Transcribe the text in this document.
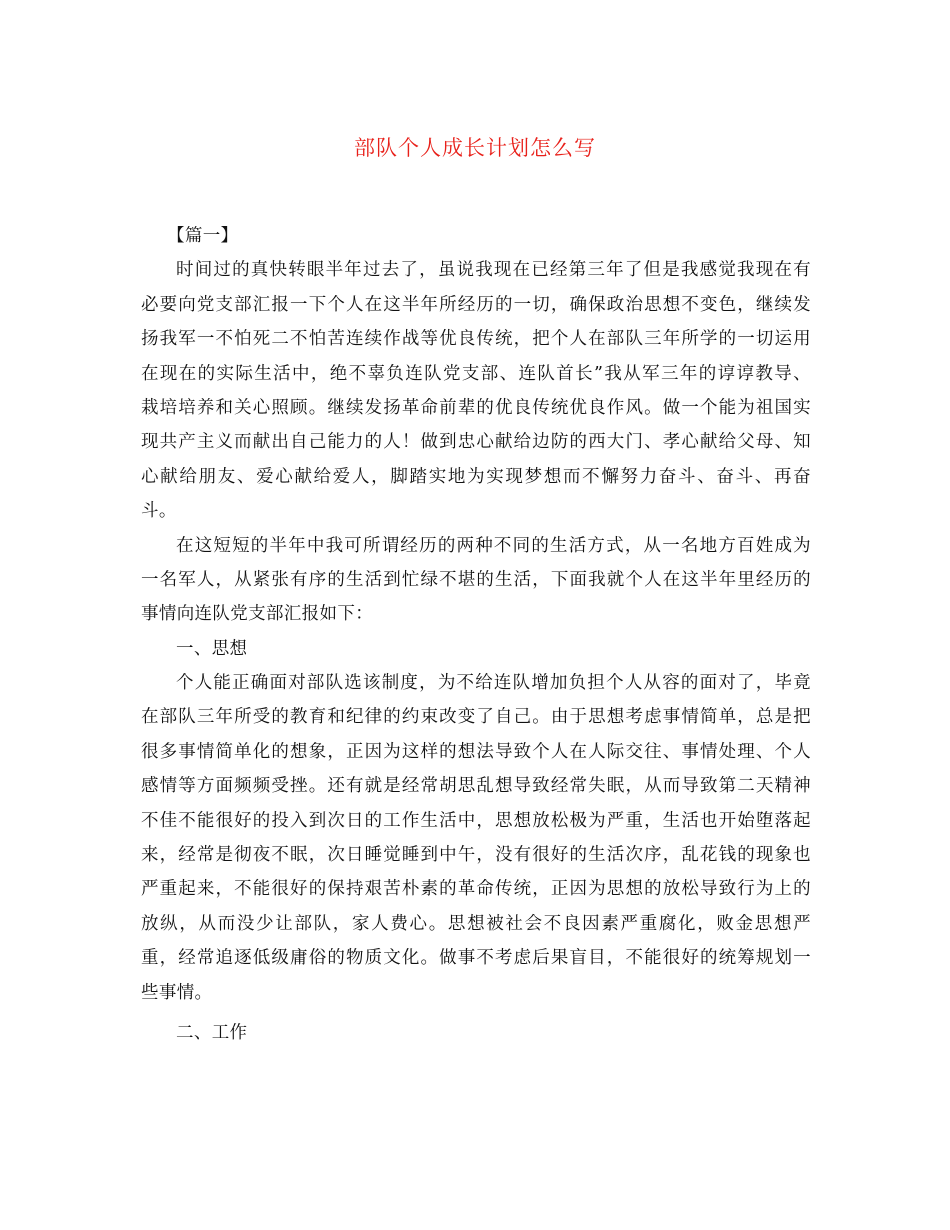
部队个人成长计划怎么写
【篇一】
时间过的真快转眼半年过去了，虽说我现在已经第三年了但是我感觉我现在有
必要向党支部汇报一下个人在这半年所经历的一切，确保政治思想不变色，继续发
扬我军一不怕死二不怕苦连续作战等优良传统，把个人在部队三年所学的一切运用
在现在的实际生活中，绝不辜负连队党支部、连队首长”我从军三年的谆谆教导、
栽培培养和关心照顾。继续发扬革命前辈的优良传统优良作风。做一个能为祖国实
现共产主义而献出自己能力的人！做到忠心献给边防的西大门、孝心献给父母、知
心献给朋友、爱心献给爱人，脚踏实地为实现梦想而不懈努力奋斗、奋斗、再奋
斗。
在这短短的半年中我可所谓经历的两种不同的生活方式，从一名地方百姓成为
一名军人，从紧张有序的生活到忙绿不堪的生活，下面我就个人在这半年里经历的
事情向连队党支部汇报如下：
一、思想
个人能正确面对部队选该制度，为不给连队增加负担个人从容的面对了，毕竟
在部队三年所受的教育和纪律的约束改变了自己。由于思想考虑事情简单，总是把
很多事情简单化的想象，正因为这样的想法导致个人在人际交往、事情处理、个人
感情等方面频频受挫。还有就是经常胡思乱想导致经常失眠，从而导致第二天精神
不佳不能很好的投入到次日的工作生活中，思想放松极为严重，生活也开始堕落起
来，经常是彻夜不眠，次日睡觉睡到中午，没有很好的生活次序，乱花钱的现象也
严重起来，不能很好的保持艰苦朴素的革命传统，正因为思想的放松导致行为上的
放纵，从而没少让部队，家人费心。思想被社会不良因素严重腐化，败金思想严
重，经常追逐低级庸俗的物质文化。做事不考虑后果盲目，不能很好的统筹规划一
些事情。
二、工作
